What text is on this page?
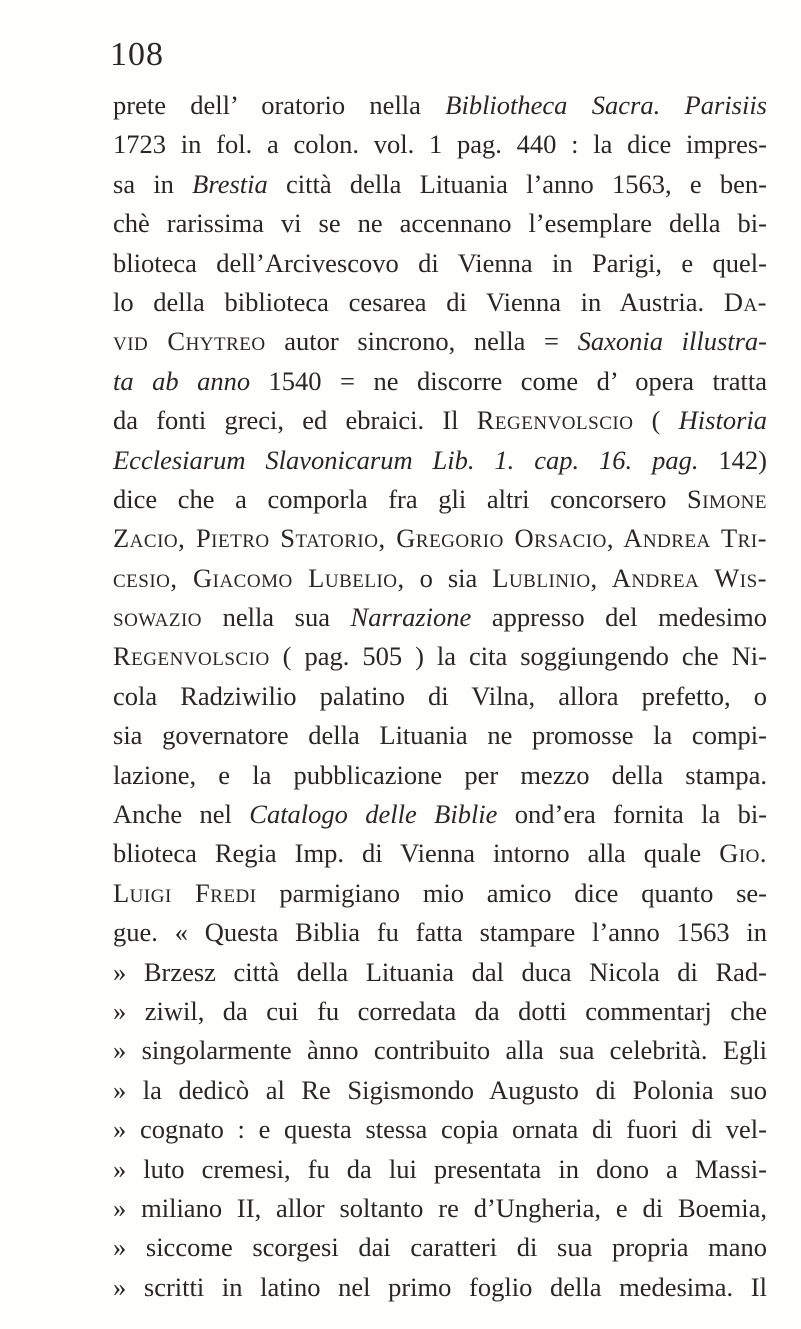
108
prete dell’ oratorio nella Bibliotheca Sacra. Parisiis
1723 in fol. a colon. vol. 1 pag. 440 : la dice impres-
sa in Brestia città della Lituania l’anno 1563, e ben-
chè rarissima vi se ne accennano l’esemplare della bi-
blioteca dell’Arcivescovo di Vienna in Parigi, e quel-
lo della biblioteca cesarea di Vienna in Austria. Da-
vid Chytreo autor sincrono, nella = Saxonia illustra-
ta ab anno 1540 = ne discorre come d’ opera tratta
da fonti greci, ed ebraici. Il Regenvolscio ( Historia
Ecclesiarum Slavonicarum Lib. 1. cap. 16. pag. 142)
dice che a comporla fra gli altri concorsero Simone
Zacio, Pietro Statorio, Gregorio Orsacio, Andrea Tri-
cesio, Giacomo Lubelio, o sia Lublinio, Andrea Wis-
sowazio nella sua Narrazione appresso del medesimo
Regenvolscio ( pag. 505 ) la cita soggiungendo che Ni-
cola Radziwilio palatino di Vilna, allora prefetto, o
sia governatore della Lituania ne promosse la compi-
lazione, e la pubblicazione per mezzo della stampa.
Anche nel Catalogo delle Biblie ond’era fornita la bi-
blioteca Regia Imp. di Vienna intorno alla quale Gio.
Luigi Fredi parmigiano mio amico dice quanto se-
gue. « Questa Biblia fu fatta stampare l’anno 1563 in
» Brzesz città della Lituania dal duca Nicola di Rad-
» ziwil, da cui fu corredata da dotti commentarj che
» singolarmente ànno contribuito alla sua celebrità. Egli
» la dedicò al Re Sigismondo Augusto di Polonia suo
» cognato : e questa stessa copia ornata di fuori di vel-
» luto cremesi, fu da lui presentata in dono a Massi-
» miliano II, allor soltanto re d’Ungheria, e di Boemia,
» siccome scorgesi dai caratteri di sua propria mano
» scritti in latino nel primo foglio della medesima. Il
